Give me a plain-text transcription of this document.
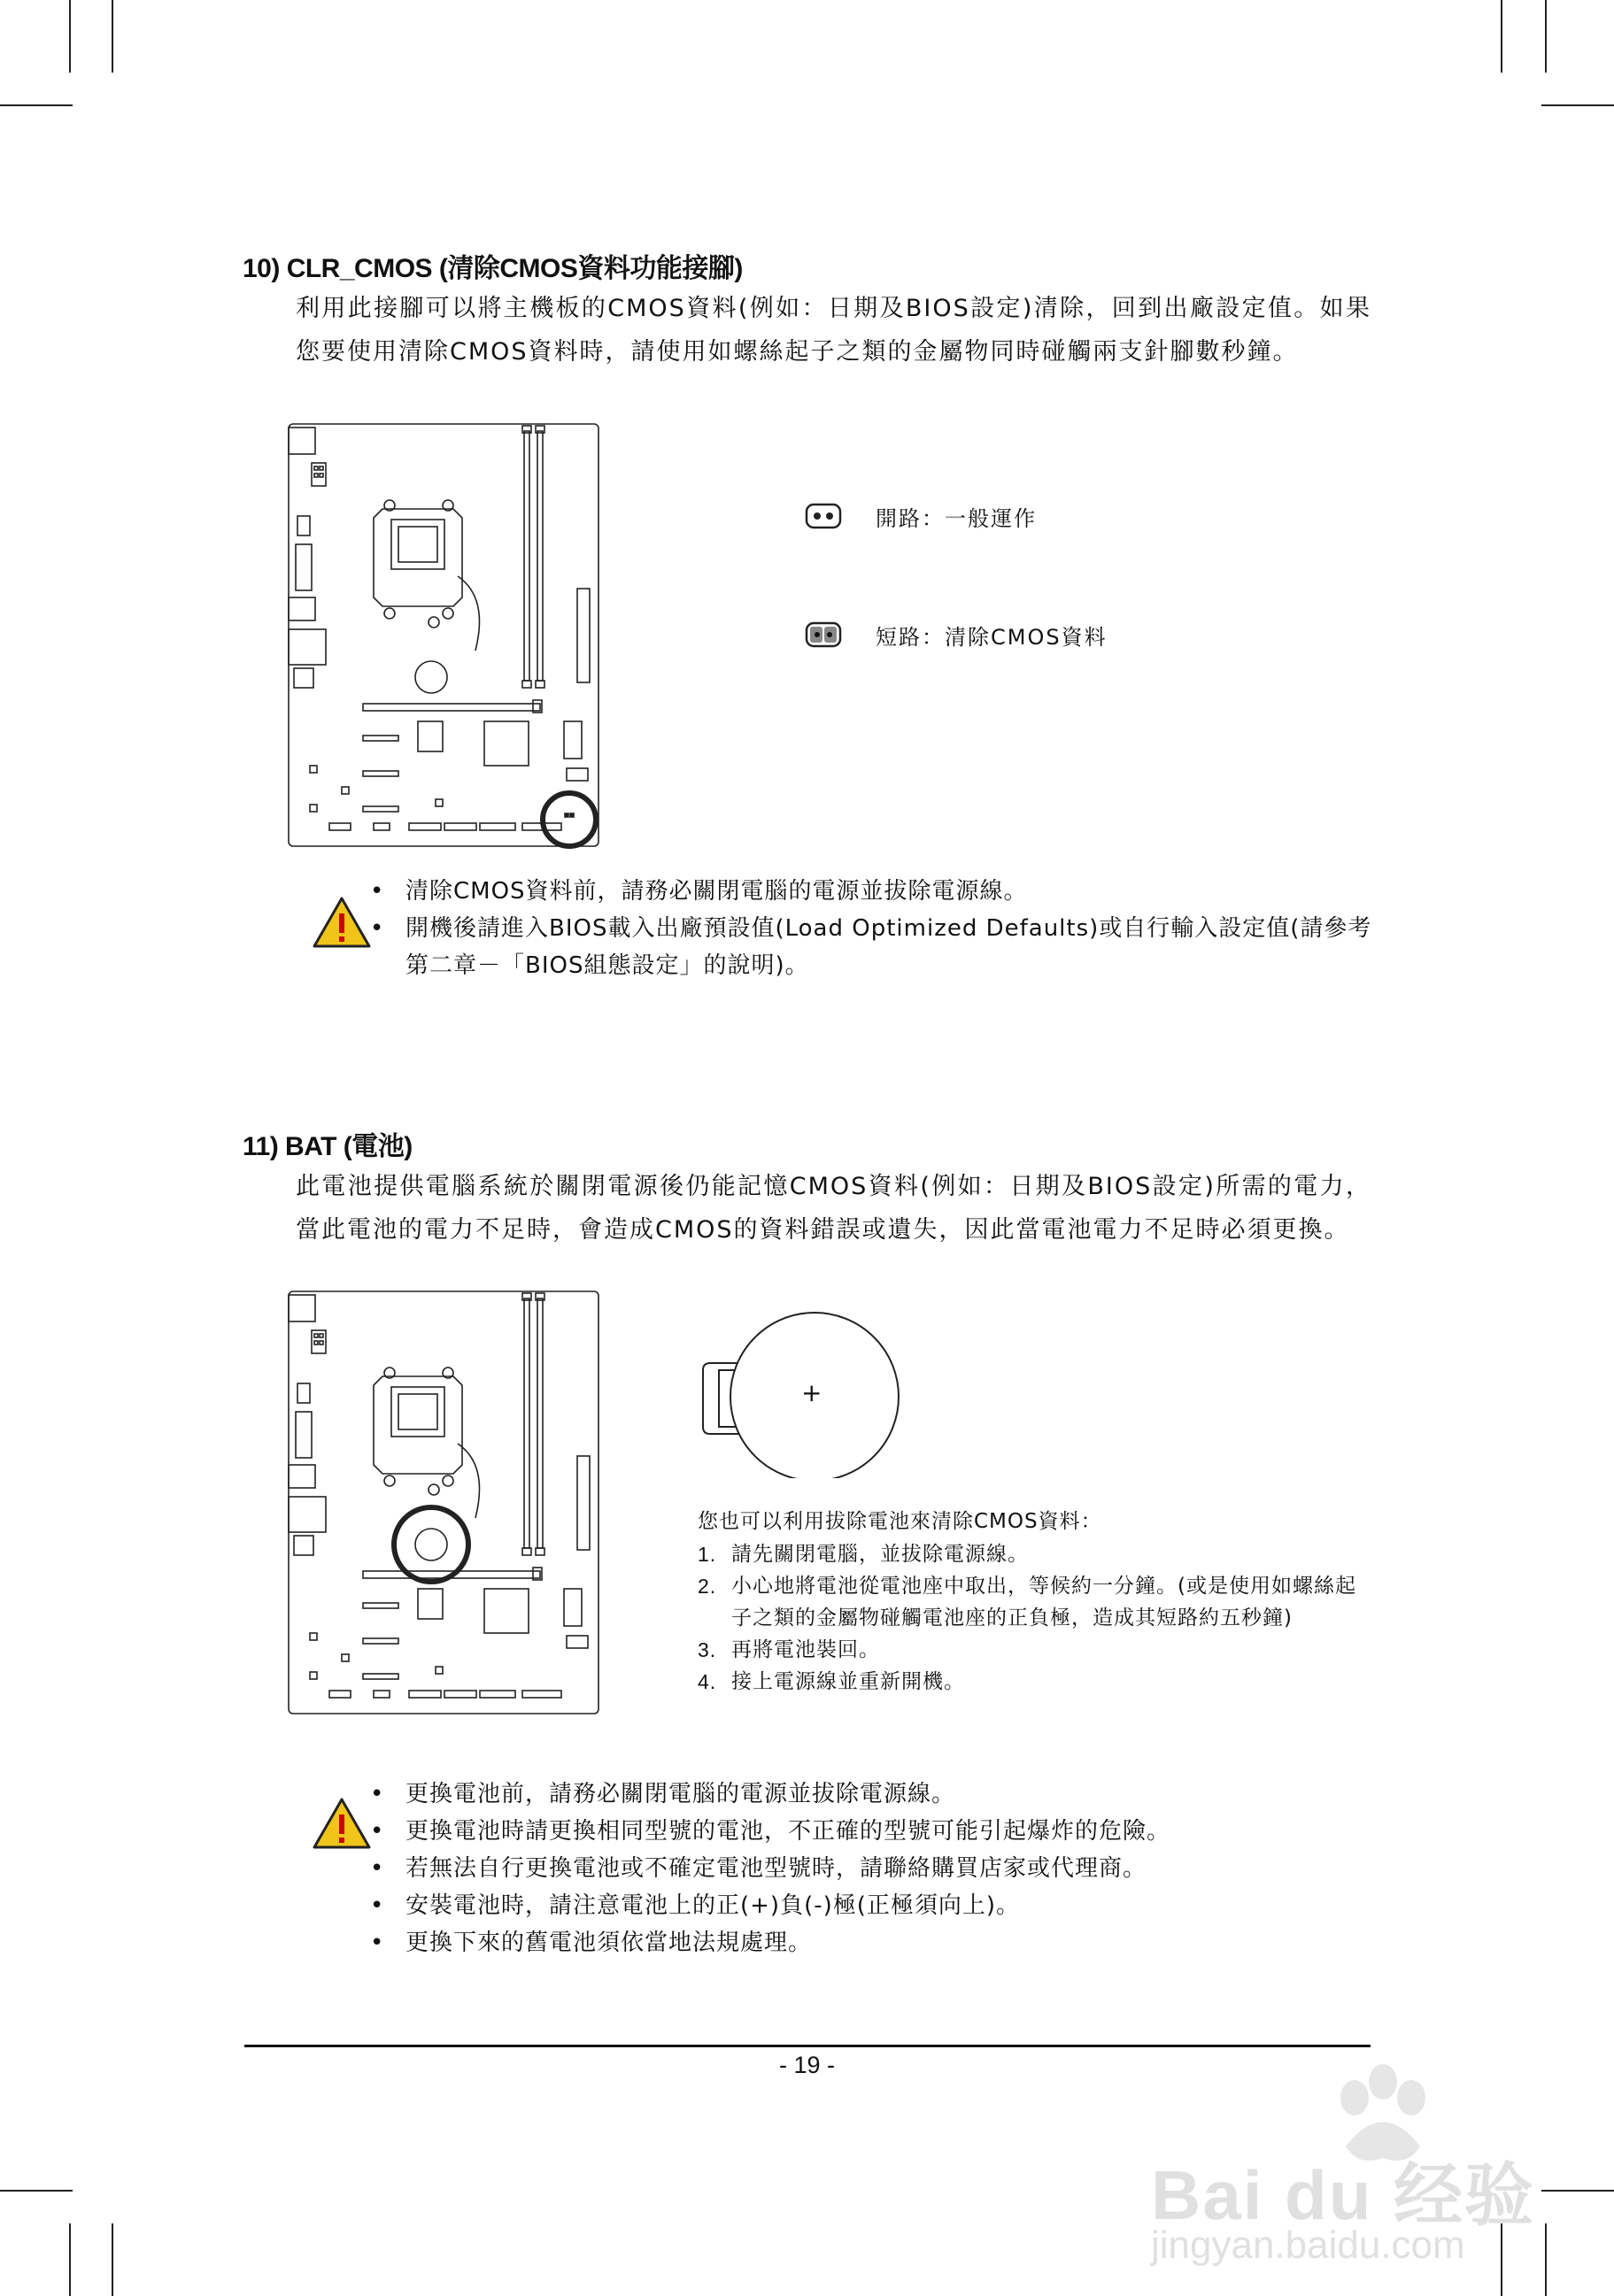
10) CLR_CMOS (清除CMOS資料功能接腳)
利用此接腳可以將主機板的CMOS資料(例如：日期及BIOS設定)清除，回到出廠設定值。如果您要使用清除CMOS資料時，請使用如螺絲起子之類的金屬物同時碰觸兩支針腳數秒鐘。
開路：一般運作
短路：清除CMOS資料
• 清除CMOS資料前，請務必關閉電腦的電源並拔除電源線。
• 開機後請進入BIOS載入出廠預設值(Load Optimized Defaults)或自行輸入設定值(請參考第二章－「BIOS組態設定」的說明)。
11) BAT (電池)
此電池提供電腦系統於關閉電源後仍能記憶CMOS資料(例如：日期及BIOS設定)所需的電力，當此電池的電力不足時，會造成CMOS的資料錯誤或遺失，因此當電池電力不足時必須更換。
+
您也可以利用拔除電池來清除CMOS資料：
1. 請先關閉電腦，並拔除電源線。
2. 小心地將電池從電池座中取出，等候約一分鐘。(或是使用如螺絲起子之類的金屬物碰觸電池座的正負極，造成其短路約五秒鐘)
3. 再將電池裝回。
4. 接上電源線並重新開機。
• 更換電池前，請務必關閉電腦的電源並拔除電源線。
• 更換電池時請更換相同型號的電池，不正確的型號可能引起爆炸的危險。
• 若無法自行更換電池或不確定電池型號時，請聯絡購買店家或代理商。
• 安裝電池時，請注意電池上的正(+)負(-)極(正極須向上)。
• 更換下來的舊電池須依當地法規處理。
- 19 -
Bai du 经验
jingyan.baidu.com
